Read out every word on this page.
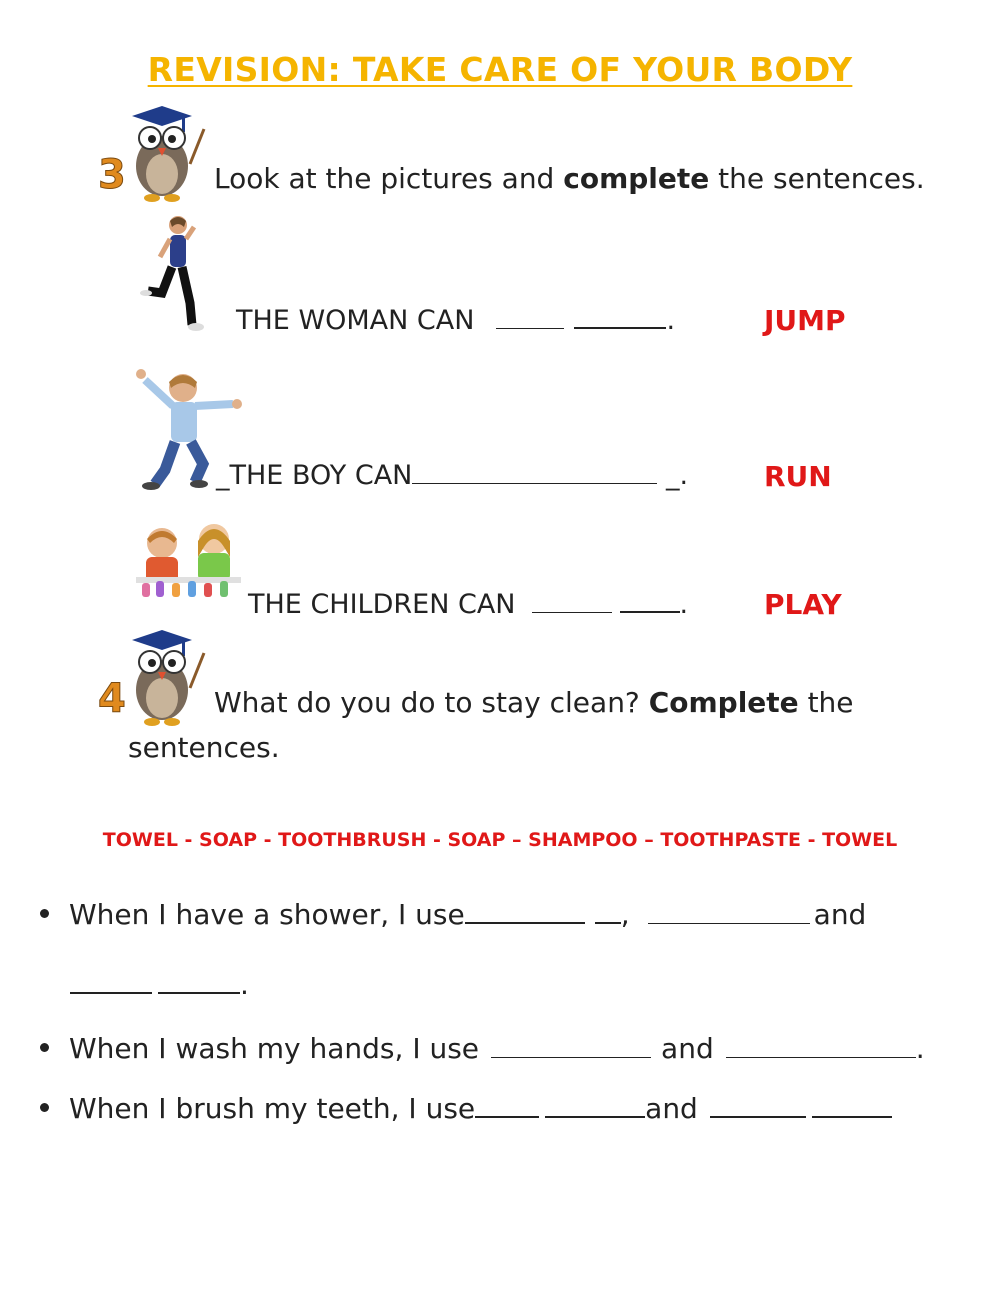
REVISION: TAKE CARE OF YOUR BODY
3	Look at the pictures and complete the sentences.
THE WOMAN CAN	.	JUMP
_THE BOY CAN	_.	RUN
THE CHILDREN CAN	.	PLAY
4	What do you do to stay clean? Complete the
sentences.
TOWEL - SOAP - TOOTHBRUSH - SOAP – SHAMPOO – TOOTHPASTE - TOWEL
When I have a shower, I use	,	and
.
When I wash my hands, I use	and	.
When I brush my teeth, I use	and
